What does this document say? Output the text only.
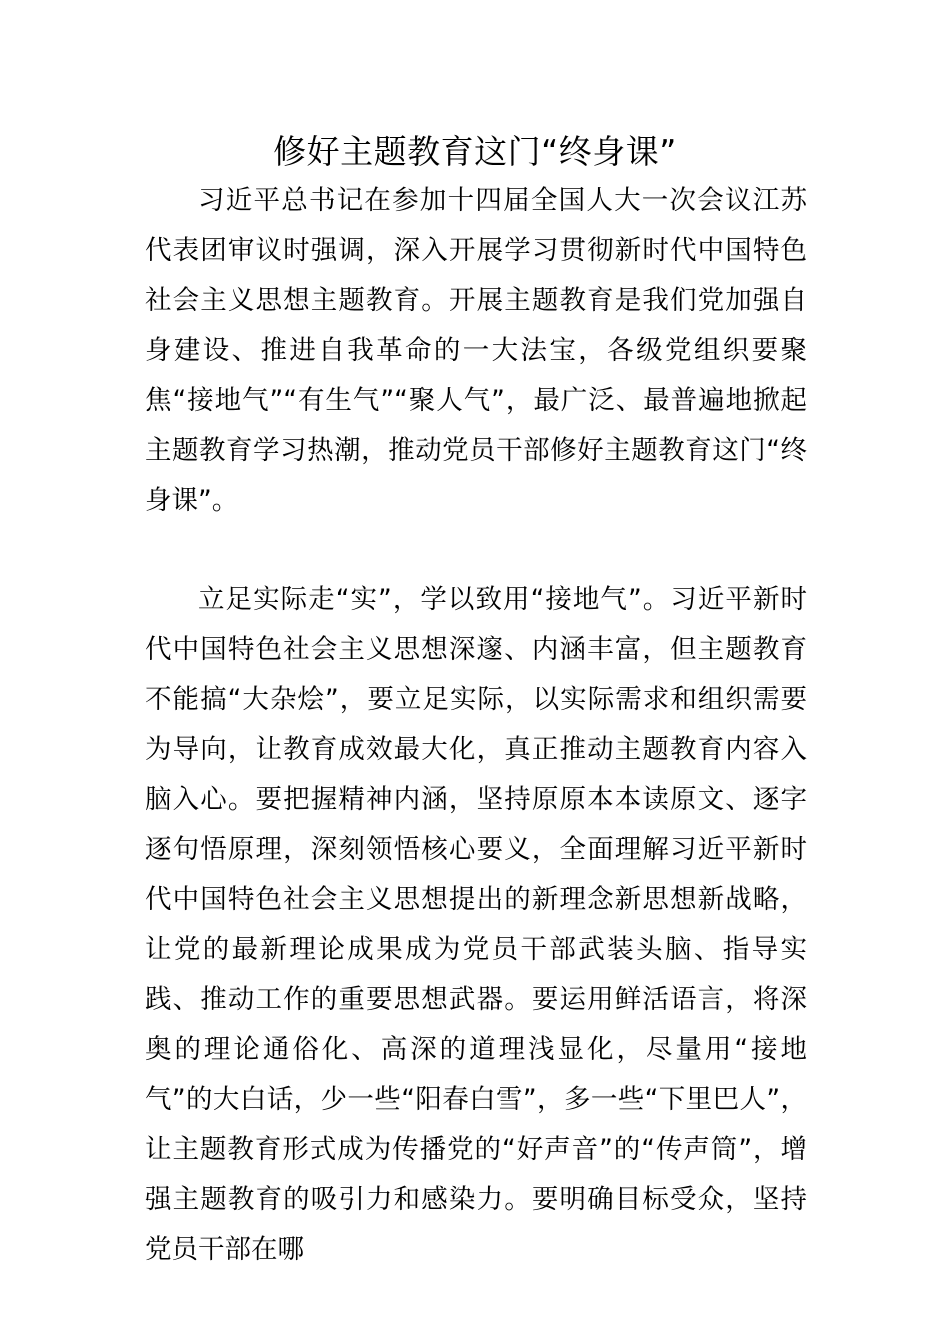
修好主题教育这门“终身课”

习近平总书记在参加十四届全国人大一次会议江苏代表团审议时强调，深入开展学习贯彻新时代中国特色社会主义思想主题教育。开展主题教育是我们党加强自身建设、推进自我革命的一大法宝，各级党组织要聚焦“接地气”“有生气”“聚人气”，最广泛、最普遍地掀起主题教育学习热潮，推动党员干部修好主题教育这门“终身课”。

立足实际走“实”，学以致用“接地气”。习近平新时代中国特色社会主义思想深邃、内涵丰富，但主题教育不能搞“大杂烩”，要立足实际，以实际需求和组织需要为导向，让教育成效最大化，真正推动主题教育内容入脑入心。要把握精神内涵，坚持原原本本读原文、逐字逐句悟原理，深刻领悟核心要义，全面理解习近平新时代中国特色社会主义思想提出的新理念新思想新战略，让党的最新理论成果成为党员干部武装头脑、指导实践、推动工作的重要思想武器。要运用鲜活语言，将深奥的理论通俗化、高深的道理浅显化，尽量用“接地气”的大白话，少一些“阳春白雪”，多一些“下里巴人”，让主题教育形式成为传播党的“好声音”的“传声筒”，增强主题教育的吸引力和感染力。要明确目标受众，坚持党员干部在哪
